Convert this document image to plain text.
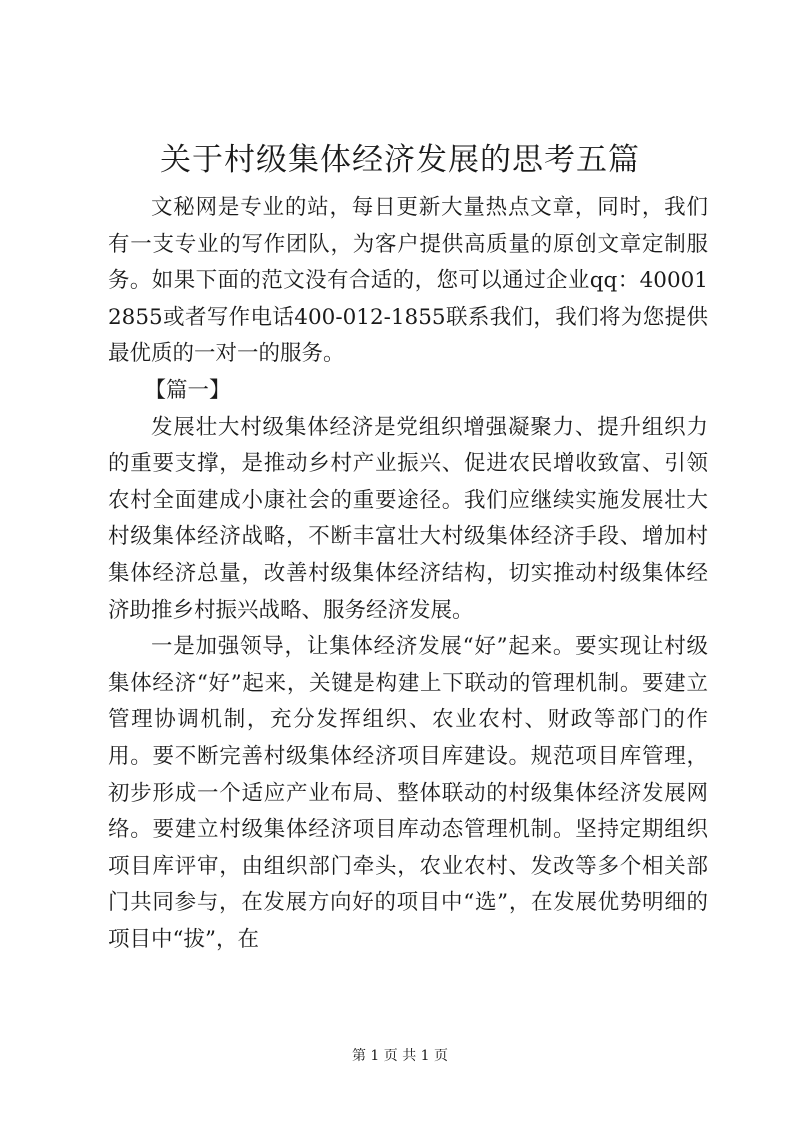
关于村级集体经济发展的思考五篇

文秘网是专业的站，每日更新大量热点文章，同时，我们有一支专业的写作团队，为客户提供高质量的原创文章定制服务。如果下面的范文没有合适的，您可以通过企业qq：400012855或者写作电话400-012-1855联系我们，我们将为您提供最优质的一对一的服务。

【篇一】

发展壮大村级集体经济是党组织增强凝聚力、提升组织力的重要支撑，是推动乡村产业振兴、促进农民增收致富、引领农村全面建成小康社会的重要途径。我们应继续实施发展壮大村级集体经济战略，不断丰富壮大村级集体经济手段、增加村集体经济总量，改善村级集体经济结构，切实推动村级集体经济助推乡村振兴战略、服务经济发展。

一是加强领导，让集体经济发展“好”起来。要实现让村级集体经济“好”起来，关键是构建上下联动的管理机制。要建立管理协调机制，充分发挥组织、农业农村、财政等部门的作用。要不断完善村级集体经济项目库建设。规范项目库管理，初步形成一个适应产业布局、整体联动的村级集体经济发展网络。要建立村级集体经济项目库动态管理机制。坚持定期组织项目库评审，由组织部门牵头，农业农村、发改等多个相关部门共同参与，在发展方向好的项目中“选”，在发展优势明细的项目中“拔”，在

第 1 页 共 1 页
